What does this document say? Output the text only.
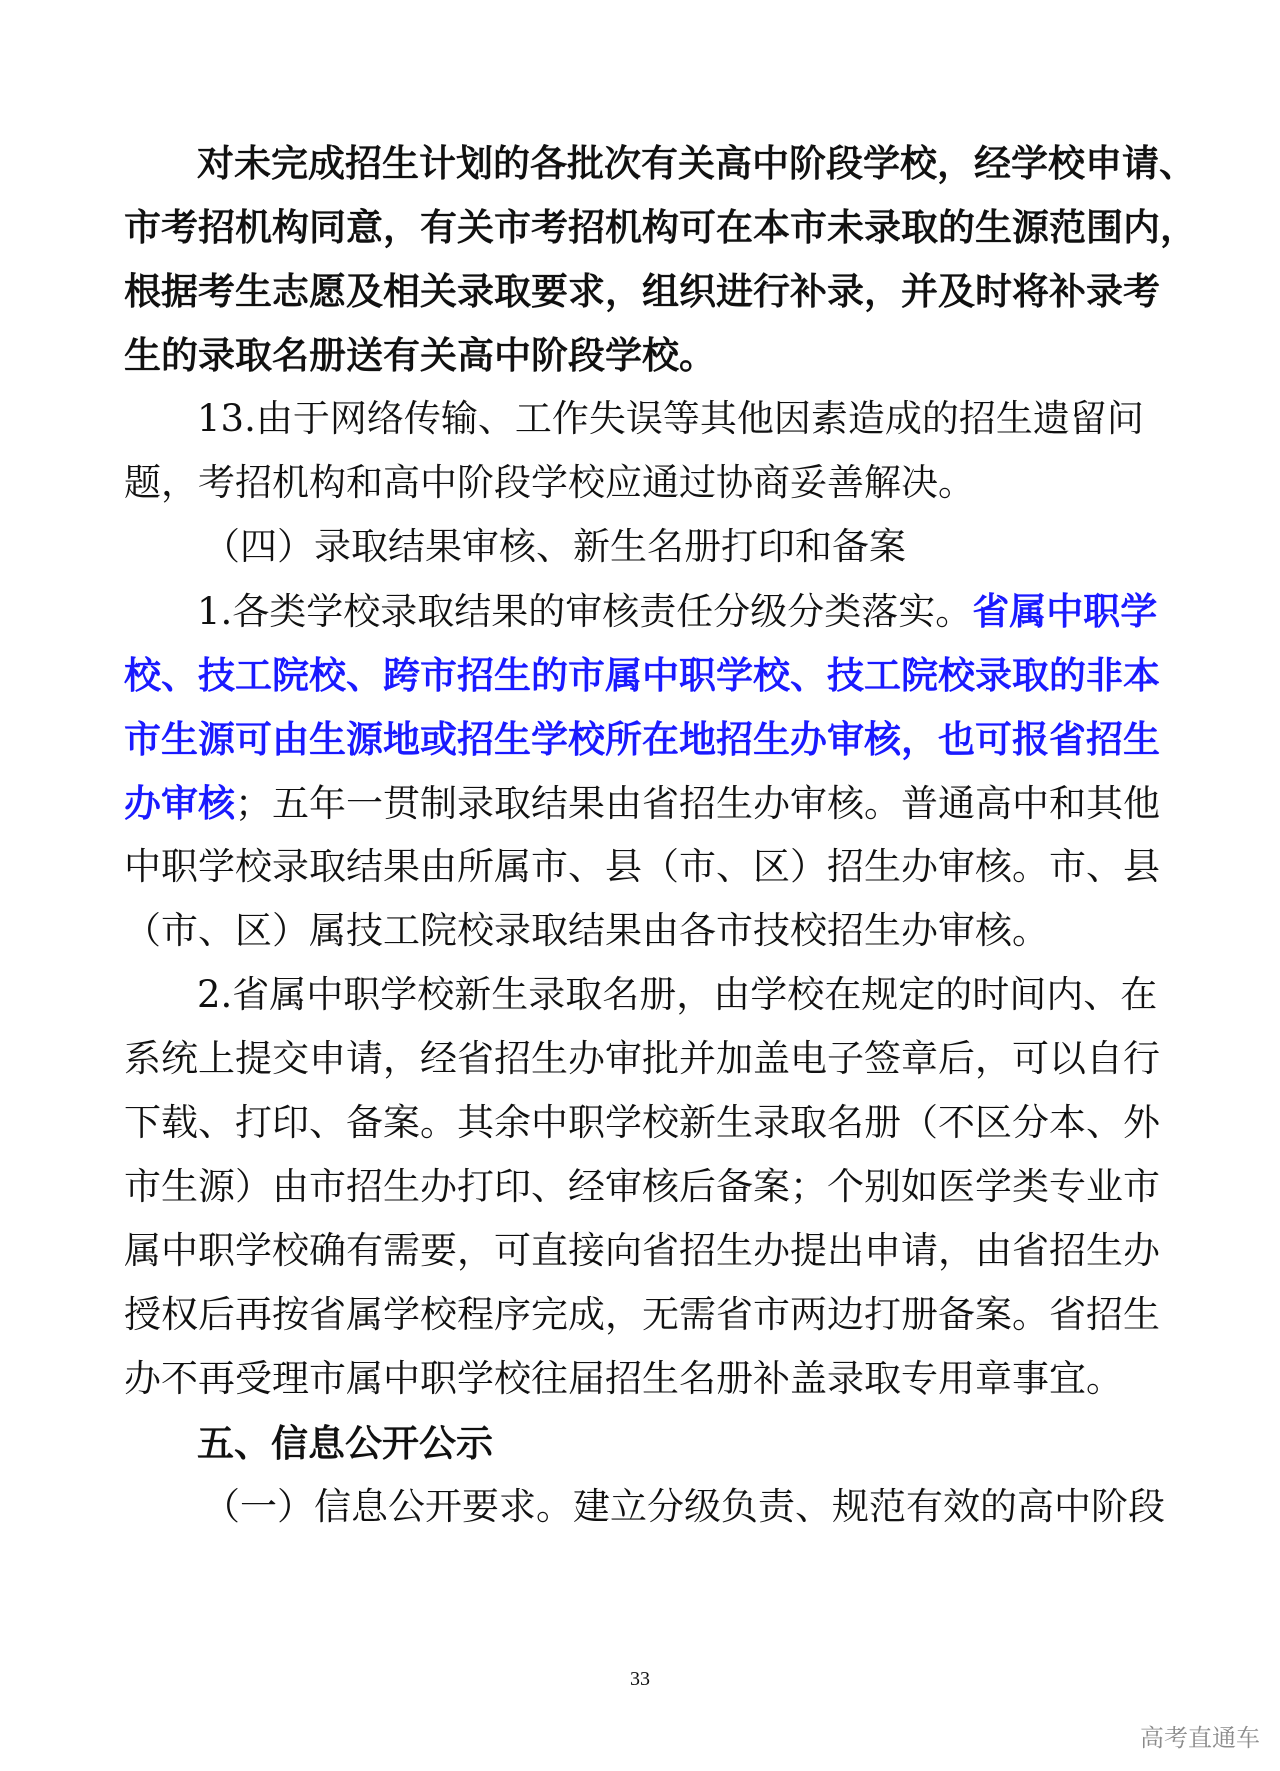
对未完成招生计划的各批次有关高中阶段学校，经学校申请、
市考招机构同意，有关市考招机构可在本市未录取的生源范围内，
根据考生志愿及相关录取要求，组织进行补录，并及时将补录考
生的录取名册送有关高中阶段学校。
13.由于网络传输、工作失误等其他因素造成的招生遗留问
题，考招机构和高中阶段学校应通过协商妥善解决。
（四）录取结果审核、新生名册打印和备案
1.各类学校录取结果的审核责任分级分类落实。省属中职学
校、技工院校、跨市招生的市属中职学校、技工院校录取的非本
市生源可由生源地或招生学校所在地招生办审核，也可报省招生
办审核；五年一贯制录取结果由省招生办审核。普通高中和其他
中职学校录取结果由所属市、县（市、区）招生办审核。市、县
（市、区）属技工院校录取结果由各市技校招生办审核。
2.省属中职学校新生录取名册，由学校在规定的时间内、在
系统上提交申请，经省招生办审批并加盖电子签章后，可以自行
下载、打印、备案。其余中职学校新生录取名册（不区分本、外
市生源）由市招生办打印、经审核后备案；个别如医学类专业市
属中职学校确有需要，可直接向省招生办提出申请，由省招生办
授权后再按省属学校程序完成，无需省市两边打册备案。省招生
办不再受理市属中职学校往届招生名册补盖录取专用章事宜。
五、信息公开公示
（一）信息公开要求。建立分级负责、规范有效的高中阶段
33
高考直通车
